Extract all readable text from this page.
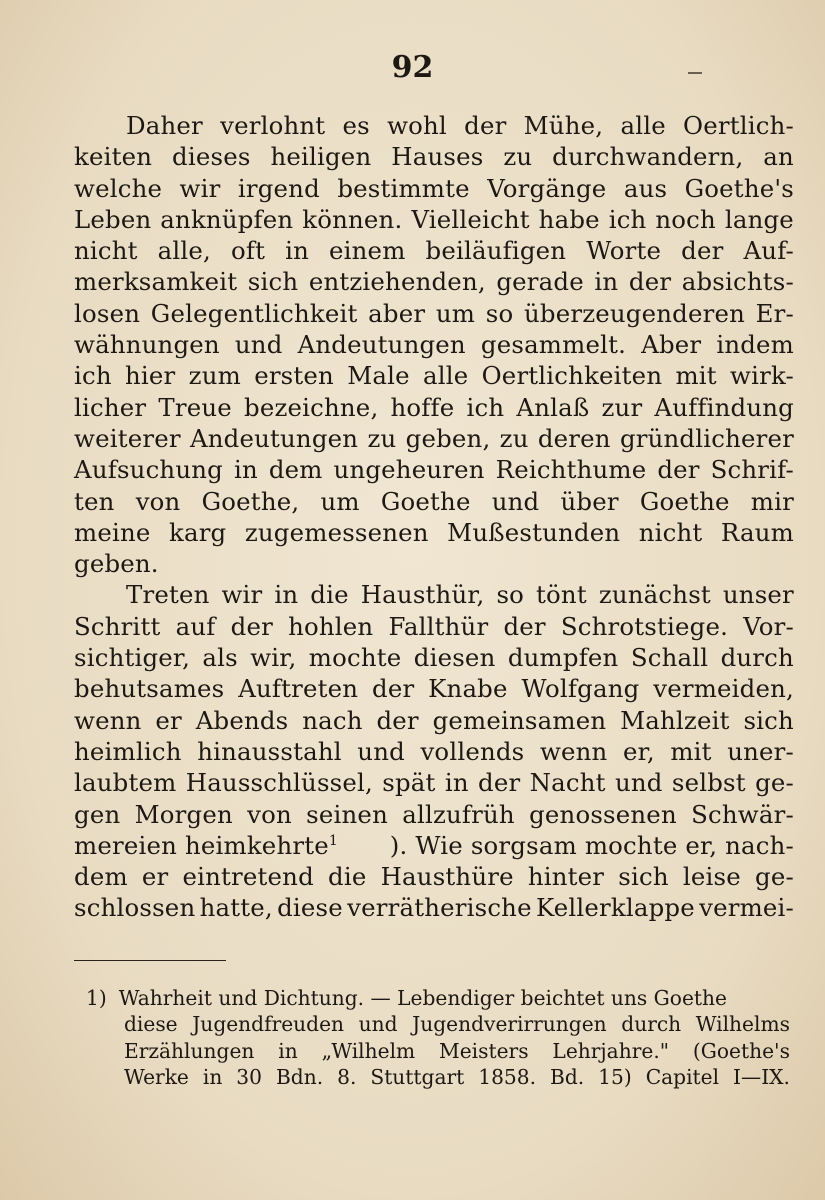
92
Daher verlohnt es wohl der Mühe, alle Oertlich-
keiten dieses heiligen Hauses zu durchwandern, an
welche wir irgend bestimmte Vorgänge aus Goethe's
Leben anknüpfen können. Vielleicht habe ich noch lange
nicht alle, oft in einem beiläufigen Worte der Auf-
merksamkeit sich entziehenden, gerade in der absichts-
losen Gelegentlichkeit aber um so überzeugenderen Er-
wähnungen und Andeutungen gesammelt. Aber indem
ich hier zum ersten Male alle Oertlichkeiten mit wirk-
licher Treue bezeichne, hoffe ich Anlaß zur Auffindung
weiterer Andeutungen zu geben, zu deren gründlicherer
Aufsuchung in dem ungeheuren Reichthume der Schrif-
ten von Goethe, um Goethe und über Goethe mir
meine karg zugemessenen Mußestunden nicht Raum
geben.
Treten wir in die Hausthür, so tönt zunächst unser
Schritt auf der hohlen Fallthür der Schrotstiege. Vor-
sichtiger, als wir, mochte diesen dumpfen Schall durch
behutsames Auftreten der Knabe Wolfgang vermeiden,
wenn er Abends nach der gemeinsamen Mahlzeit sich
heimlich hinausstahl und vollends wenn er, mit uner-
laubtem Hausschlüssel, spät in der Nacht und selbst ge-
gen Morgen von seinen allzufrüh genossenen Schwär-
mereien heimkehrte$^1$ ). Wie sorgsam mochte er, nach-
dem er eintretend die Hausthüre hinter sich leise ge-
schlossen hatte, diese verrätherische Kellerklappe vermei-
1) Wahrheit und Dichtung. — Lebendiger beichtet uns Goethe
diese Jugendfreuden und Jugendverirrungen durch Wilhelms
Erzählungen in „Wilhelm Meisters Lehrjahre." (Goethe's
Werke in 30 Bdn. 8. Stuttgart 1858. Bd. 15) Capitel I—IX.
